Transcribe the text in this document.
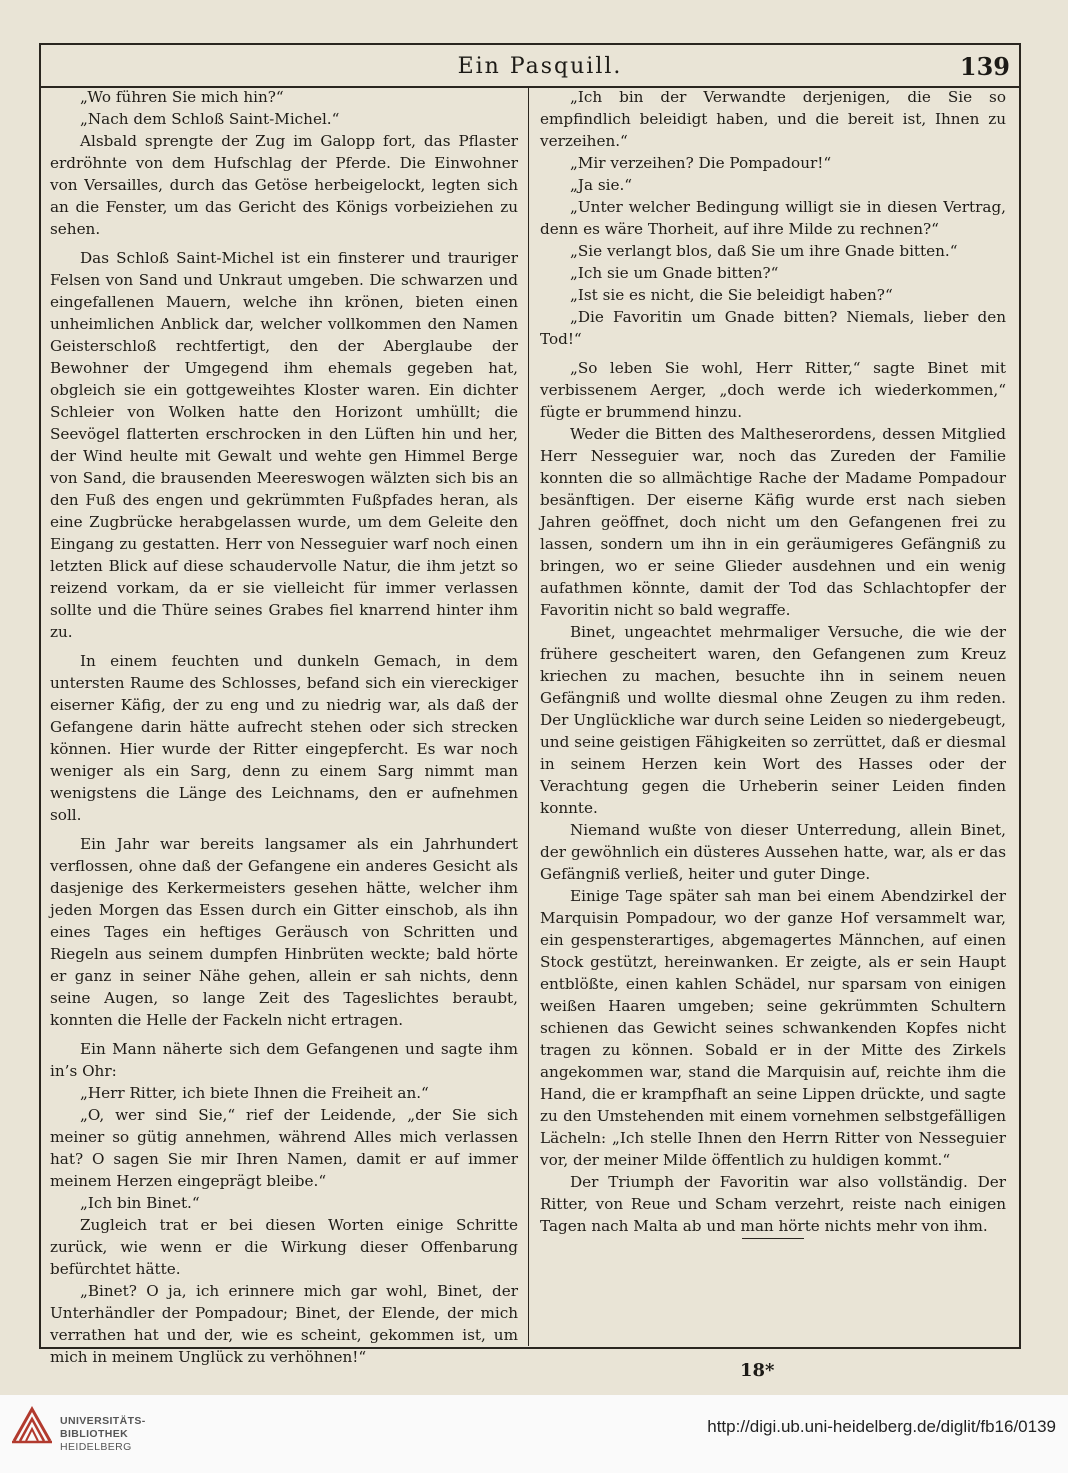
Ein Pasquill.	139

„Wo führen Sie mich hin?“

„Nach dem Schloß Saint-Michel.“

Alsbald sprengte der Zug im Galopp fort, das Pflaster erdröhnte von dem Hufschlag der Pferde. Die Einwohner von Versailles, durch das Getöse herbeigelockt, legten sich an die Fenster, um das Gericht des Königs vorbeiziehen zu sehen.

Das Schloß Saint-Michel ist ein finsterer und trauriger Felsen von Sand und Unkraut umgeben. Die schwarzen und eingefallenen Mauern, welche ihn krönen, bieten einen unheimlichen Anblick dar, welcher vollkommen den Namen Geisterschloß rechtfertigt, den der Aberglaube der Bewohner der Umgegend ihm ehemals gegeben hat, obgleich sie ein gottgeweihtes Kloster waren. Ein dichter Schleier von Wolken hatte den Horizont umhüllt; die Seevögel flatterten erschrocken in den Lüften hin und her, der Wind heulte mit Gewalt und wehte gen Himmel Berge von Sand, die brausenden Meereswogen wälzten sich bis an den Fuß des engen und gekrümmten Fußpfades heran, als eine Zugbrücke herabgelassen wurde, um dem Geleite den Eingang zu gestatten. Herr von Nesseguier warf noch einen letzten Blick auf diese schaudervolle Natur, die ihm jetzt so reizend vorkam, da er sie vielleicht für immer verlassen sollte und die Thüre seines Grabes fiel knarrend hinter ihm zu.

In einem feuchten und dunkeln Gemach, in dem untersten Raume des Schlosses, befand sich ein viereckiger eiserner Käfig, der zu eng und zu niedrig war, als daß der Gefangene darin hätte aufrecht stehen oder sich strecken können. Hier wurde der Ritter eingepfercht. Es war noch weniger als ein Sarg, denn zu einem Sarg nimmt man wenigstens die Länge des Leichnams, den er aufnehmen soll.

Ein Jahr war bereits langsamer als ein Jahrhundert verflossen, ohne daß der Gefangene ein anderes Gesicht als dasjenige des Kerkermeisters gesehen hätte, welcher ihm jeden Morgen das Essen durch ein Gitter einschob, als ihn eines Tages ein heftiges Geräusch von Schritten und Riegeln aus seinem dumpfen Hinbrüten weckte; bald hörte er ganz in seiner Nähe gehen, allein er sah nichts, denn seine Augen, so lange Zeit des Tageslichtes beraubt, konnten die Helle der Fackeln nicht ertragen.

Ein Mann näherte sich dem Gefangenen und sagte ihm in’s Ohr:

„Herr Ritter, ich biete Ihnen die Freiheit an.“

„O, wer sind Sie,“ rief der Leidende, „der Sie sich meiner so gütig annehmen, während Alles mich verlassen hat? O sagen Sie mir Ihren Namen, damit er auf immer meinem Herzen eingeprägt bleibe.“

„Ich bin Binet.“

Zugleich trat er bei diesen Worten einige Schritte zurück, wie wenn er die Wirkung dieser Offenbarung befürchtet hätte.

„Binet? O ja, ich erinnere mich gar wohl, Binet, der Unterhändler der Pompadour; Binet, der Elende, der mich verrathen hat und der, wie es scheint, gekommen ist, um mich in meinem Unglück zu verhöhnen!“

„Ich bin der Verwandte derjenigen, die Sie so empfindlich beleidigt haben, und die bereit ist, Ihnen zu verzeihen.“

„Mir verzeihen? Die Pompadour!“

„Ja sie.“

„Unter welcher Bedingung willigt sie in diesen Vertrag, denn es wäre Thorheit, auf ihre Milde zu rechnen?“

„Sie verlangt blos, daß Sie um ihre Gnade bitten.“

„Ich sie um Gnade bitten?“

„Ist sie es nicht, die Sie beleidigt haben?“

„Die Favoritin um Gnade bitten? Niemals, lieber den Tod!“

„So leben Sie wohl, Herr Ritter,“ sagte Binet mit verbissenem Aerger, „doch werde ich wiederkommen,“ fügte er brummend hinzu.

Weder die Bitten des Maltheserordens, dessen Mitglied Herr Nesseguier war, noch das Zureden der Familie konnten die so allmächtige Rache der Madame Pompadour besänftigen. Der eiserne Käfig wurde erst nach sieben Jahren geöffnet, doch nicht um den Gefangenen frei zu lassen, sondern um ihn in ein geräumigeres Gefängniß zu bringen, wo er seine Glieder ausdehnen und ein wenig aufathmen könnte, damit der Tod das Schlachtopfer der Favoritin nicht so bald wegraffe.

Binet, ungeachtet mehrmaliger Versuche, die wie der frühere gescheitert waren, den Gefangenen zum Kreuz kriechen zu machen, besuchte ihn in seinem neuen Gefängniß und wollte diesmal ohne Zeugen zu ihm reden. Der Unglückliche war durch seine Leiden so niedergebeugt, und seine geistigen Fähigkeiten so zerrüttet, daß er diesmal in seinem Herzen kein Wort des Hasses oder der Verachtung gegen die Urheberin seiner Leiden finden konnte.

Niemand wußte von dieser Unterredung, allein Binet, der gewöhnlich ein düsteres Aussehen hatte, war, als er das Gefängniß verließ, heiter und guter Dinge.

Einige Tage später sah man bei einem Abendzirkel der Marquisin Pompadour, wo der ganze Hof versammelt war, ein gespensterartiges, abgemagertes Männchen, auf einen Stock gestützt, hereinwanken. Er zeigte, als er sein Haupt entblößte, einen kahlen Schädel, nur sparsam von einigen weißen Haaren umgeben; seine gekrümmten Schultern schienen das Gewicht seines schwankenden Kopfes nicht tragen zu können. Sobald er in der Mitte des Zirkels angekommen war, stand die Marquisin auf, reichte ihm die Hand, die er krampfhaft an seine Lippen drückte, und sagte zu den Umstehenden mit einem vornehmen selbstgefälligen Lächeln: „Ich stelle Ihnen den Herrn Ritter von Nesseguier vor, der meiner Milde öffentlich zu huldigen kommt.“

Der Triumph der Favoritin war also vollständig. Der Ritter, von Reue und Scham verzehrt, reiste nach einigen Tagen nach Malta ab und man hörte nichts mehr von ihm.

18*
UNIVERSITÄTS-
BIBLIOTHEK
HEIDELBERG
http://digi.ub.uni-heidelberg.de/diglit/fb16/0139
